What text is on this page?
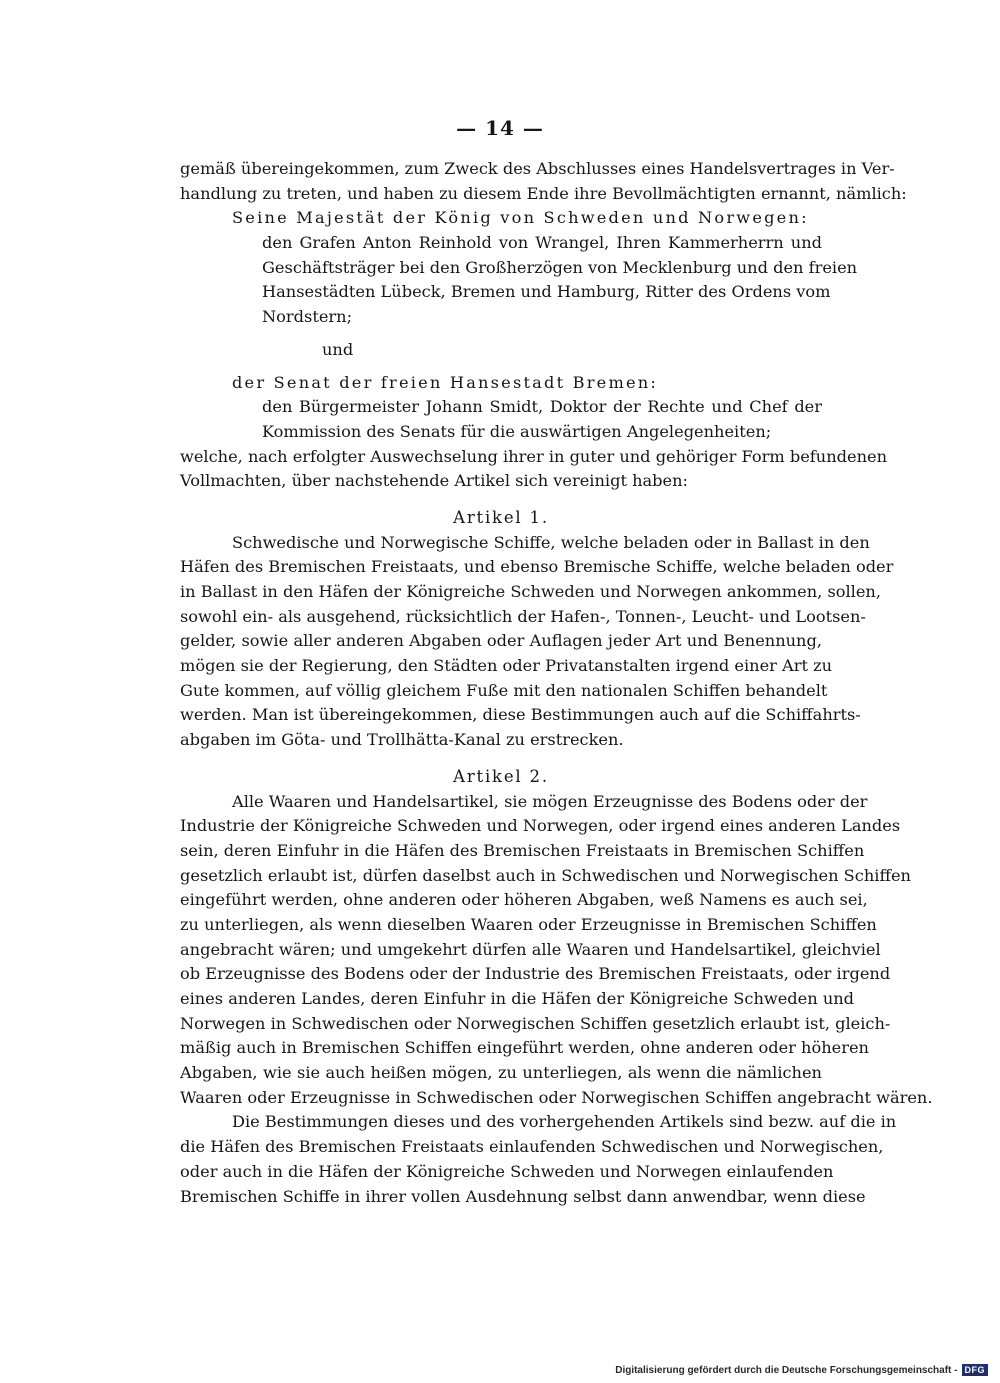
— 14 —
gemäß übereingekommen, zum Zweck des Abschlusses eines Handelsvertrages in Ver-
handlung zu treten, und haben zu diesem Ende ihre Bevollmächtigten ernannt, nämlich:
Seine Majestät der König von Schweden und Norwegen:
den Grafen Anton Reinhold von Wrangel, Ihren Kammerherrn und
Geschäftsträger bei den Großherzögen von Mecklenburg und den freien
Hansestädten Lübeck, Bremen und Hamburg, Ritter des Ordens vom
Nordstern;
und
der Senat der freien Hansestadt Bremen:
den Bürgermeister Johann Smidt, Doktor der Rechte und Chef der
Kommission des Senats für die auswärtigen Angelegenheiten;
welche, nach erfolgter Auswechselung ihrer in guter und gehöriger Form befundenen
Vollmachten, über nachstehende Artikel sich vereinigt haben:
Artikel 1.
Schwedische und Norwegische Schiffe, welche beladen oder in Ballast in den
Häfen des Bremischen Freistaats, und ebenso Bremische Schiffe, welche beladen oder
in Ballast in den Häfen der Königreiche Schweden und Norwegen ankommen, sollen,
sowohl ein- als ausgehend, rücksichtlich der Hafen-, Tonnen-, Leucht- und Lootsen-
gelder, sowie aller anderen Abgaben oder Auflagen jeder Art und Benennung,
mögen sie der Regierung, den Städten oder Privatanstalten irgend einer Art zu
Gute kommen, auf völlig gleichem Fuße mit den nationalen Schiffen behandelt
werden. Man ist übereingekommen, diese Bestimmungen auch auf die Schiffahrts-
abgaben im Göta- und Trollhätta-Kanal zu erstrecken.
Artikel 2.
Alle Waaren und Handelsartikel, sie mögen Erzeugnisse des Bodens oder der
Industrie der Königreiche Schweden und Norwegen, oder irgend eines anderen Landes
sein, deren Einfuhr in die Häfen des Bremischen Freistaats in Bremischen Schiffen
gesetzlich erlaubt ist, dürfen daselbst auch in Schwedischen und Norwegischen Schiffen
eingeführt werden, ohne anderen oder höheren Abgaben, weß Namens es auch sei,
zu unterliegen, als wenn dieselben Waaren oder Erzeugnisse in Bremischen Schiffen
angebracht wären; und umgekehrt dürfen alle Waaren und Handelsartikel, gleichviel
ob Erzeugnisse des Bodens oder der Industrie des Bremischen Freistaats, oder irgend
eines anderen Landes, deren Einfuhr in die Häfen der Königreiche Schweden und
Norwegen in Schwedischen oder Norwegischen Schiffen gesetzlich erlaubt ist, gleich-
mäßig auch in Bremischen Schiffen eingeführt werden, ohne anderen oder höheren
Abgaben, wie sie auch heißen mögen, zu unterliegen, als wenn die nämlichen
Waaren oder Erzeugnisse in Schwedischen oder Norwegischen Schiffen angebracht wären.
Die Bestimmungen dieses und des vorhergehenden Artikels sind bezw. auf die in
die Häfen des Bremischen Freistaats einlaufenden Schwedischen und Norwegischen,
oder auch in die Häfen der Königreiche Schweden und Norwegen einlaufenden
Bremischen Schiffe in ihrer vollen Ausdehnung selbst dann anwendbar, wenn diese
Digitalisierung gefördert durch die Deutsche Forschungsgemeinschaft - DFG
